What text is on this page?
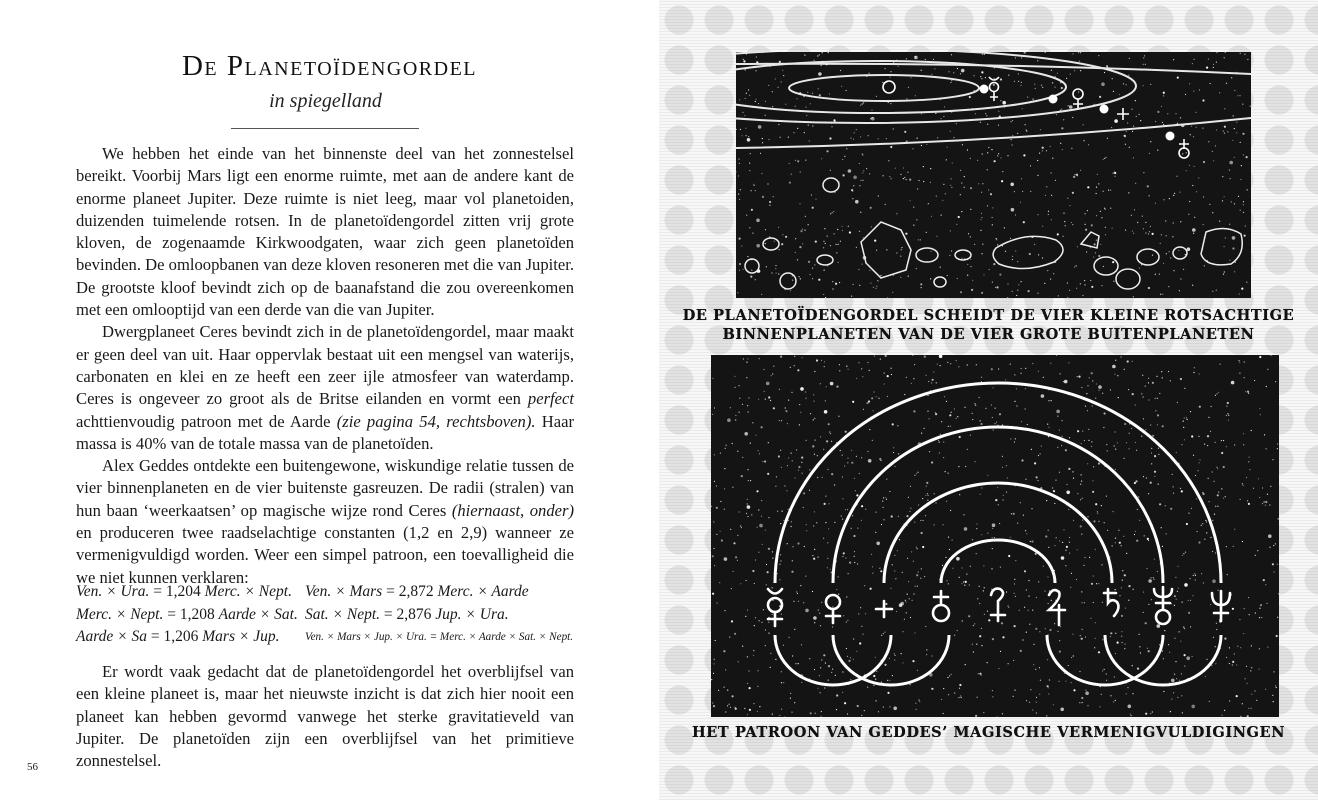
De Planetoïdengordel
in spiegelland

We hebben het einde van het binnenste deel van het zonnestelsel bereikt. Voorbij Mars ligt een enorme ruimte, met aan de andere kant de enorme planeet Jupiter. Deze ruimte is niet leeg, maar vol planetoiden, duizenden tuimelende rotsen. In de planetoïdengordel zitten vrij grote kloven, de zogenaamde Kirkwoodgaten, waar zich geen planetoïden bevinden. De omloopbanen van deze kloven resoneren met die van Jupiter. De grootste kloof bevindt zich op de baanafstand die zou overeenkomen met een omlooptijd van een derde van die van Jupiter.

Dwergplaneet Ceres bevindt zich in de planetoïdengordel, maar maakt er geen deel van uit. Haar oppervlak bestaat uit een mengsel van waterijs, carbonaten en klei en ze heeft een zeer ijle atmosfeer van waterdamp. Ceres is ongeveer zo groot als de Britse eilanden en vormt een perfect achttienvoudig patroon met de Aarde (zie pagina 54, rechtsboven). Haar massa is 40% van de totale massa van de planetoïden.

Alex Geddes ontdekte een buitengewone, wiskundige relatie tussen de vier binnenplaneten en de vier buitenste gasreuzen. De radii (stralen) van hun baan ‘weerkaatsen’ op magische wijze rond Ceres (hiernaast, onder) en produceren twee raadselachtige constanten (1,2 en 2,9) wanneer ze vermenigvuldigd worden. Weer een simpel patroon, een toevalligheid die we niet kunnen verklaren:

Ven. × Ura. = 1,204 Merc. × Nept. Ven. × Mars = 2,872 Merc. × Aarde
Merc. × Nept. = 1,208 Aarde × Sat. Sat. × Nept. = 2,876 Jup. × Ura.
Aarde × Sa = 1,206 Mars × Jup. Ven. × Mars × Jup. × Ura. = Merc. × Aarde × Sat. × Nept.

Er wordt vaak gedacht dat de planetoïdengordel het overblijfsel van een kleine planeet is, maar het nieuwste inzicht is dat zich hier nooit een planeet kan hebben gevormd vanwege het sterke gravitatieveld van Jupiter. De planetoïden zijn een overblijfsel van het primitieve zonnestelsel.

56
DE PLANETOÏDENGORDEL SCHEIDT DE VIER KLEINE ROTSACHTIGE
BINNENPLANETEN VAN DE VIER GROTE BUITENPLANETEN
HET PATROON VAN GEDDES’ MAGISCHE VERMENIGVULDIGINGEN
